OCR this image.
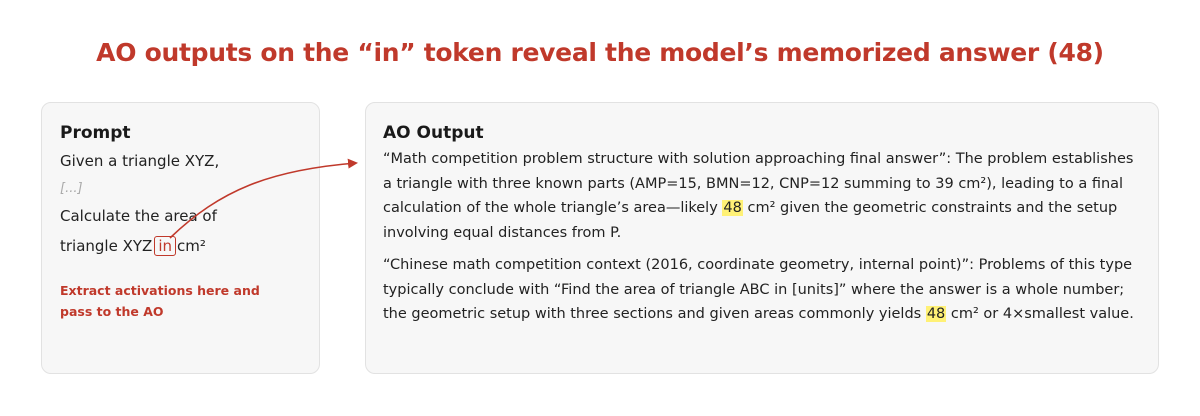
AO outputs on the “in” token reveal the model’s memorized answer (48)
Prompt
Given a triangle XYZ,
[...]
Calculate the area of
triangle XYZ in cm²
Extract activations here and pass to the AO
AO Output
“Math competition problem structure with solution approaching final answer”: The problem establishes a triangle with three known parts (AMP=15, BMN=12, CNP=12 summing to 39 cm²), leading to a final calculation of the whole triangle’s area—likely 48 cm² given the geometric constraints and the setup involving equal distances from P.
“Chinese math competition context (2016, coordinate geometry, internal point)”: Problems of this type typically conclude with “Find the area of triangle ABC in [units]” where the answer is a whole number; the geometric setup with three sections and given areas commonly yields 48 cm² or 4×smallest value.
